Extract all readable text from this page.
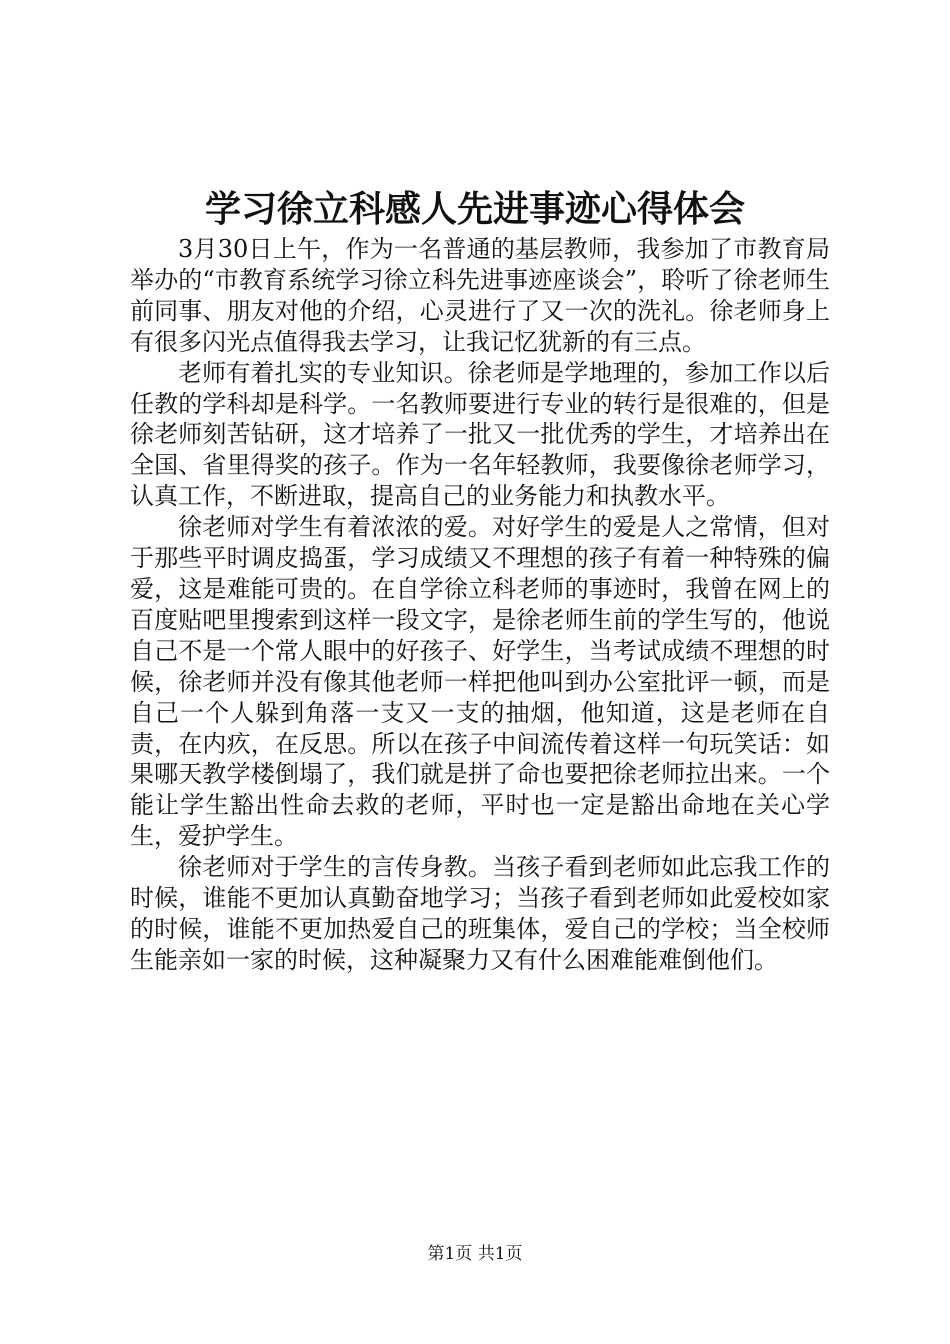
学习徐立科感人先进事迹心得体会

3月30日上午，作为一名普通的基层教师，我参加了市教育局举办的“市教育系统学习徐立科先进事迹座谈会”，聆听了徐老师生前同事、朋友对他的介绍，心灵进行了又一次的洗礼。徐老师身上有很多闪光点值得我去学习，让我记忆犹新的有三点。

老师有着扎实的专业知识。徐老师是学地理的，参加工作以后任教的学科却是科学。一名教师要进行专业的转行是很难的，但是徐老师刻苦钻研，这才培养了一批又一批优秀的学生，才培养出在全国、省里得奖的孩子。作为一名年轻教师，我要像徐老师学习，认真工作，不断进取，提高自己的业务能力和执教水平。

徐老师对学生有着浓浓的爱。对好学生的爱是人之常情，但对于那些平时调皮捣蛋，学习成绩又不理想的孩子有着一种特殊的偏爱，这是难能可贵的。在自学徐立科老师的事迹时，我曾在网上的百度贴吧里搜索到这样一段文字，是徐老师生前的学生写的，他说自己不是一个常人眼中的好孩子、好学生，当考试成绩不理想的时候，徐老师并没有像其他老师一样把他叫到办公室批评一顿，而是自己一个人躲到角落一支又一支的抽烟，他知道，这是老师在自责，在内疚，在反思。所以在孩子中间流传着这样一句玩笑话：如果哪天教学楼倒塌了，我们就是拼了命也要把徐老师拉出来。一个能让学生豁出性命去救的老师，平时也一定是豁出命地在关心学生，爱护学生。

徐老师对于学生的言传身教。当孩子看到老师如此忘我工作的时候，谁能不更加认真勤奋地学习；当孩子看到老师如此爱校如家的时候，谁能不更加热爱自己的班集体，爱自己的学校；当全校师生能亲如一家的时候，这种凝聚力又有什么困难能难倒他们。

第1页 共1页
